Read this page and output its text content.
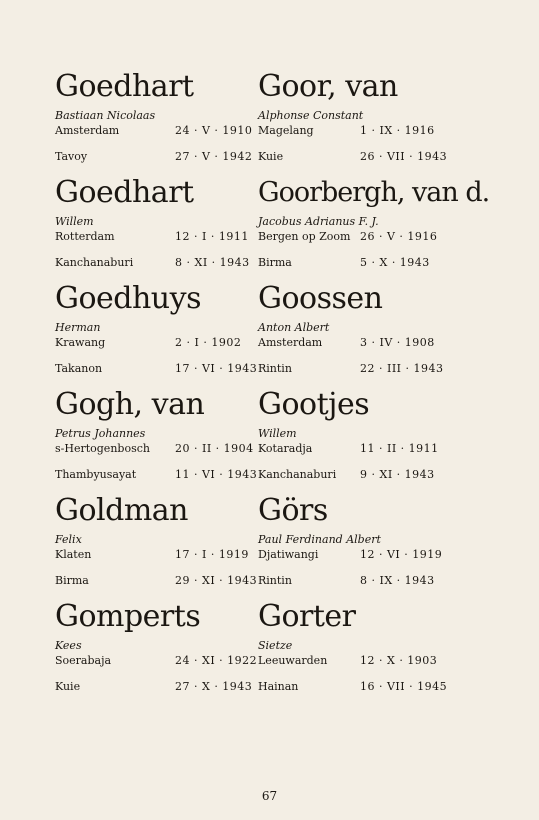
Goedhart
Bastiaan Nicolaas
Amsterdam	24 · V · 1910
Tavoy	27 · V · 1942
Goedhart
Willem
Rotterdam	12 · I · 1911
Kanchanaburi	8 · XI · 1943
Goedhuys
Herman
Krawang	2 · I · 1902
Takanon	17 · VI · 1943
Gogh, van
Petrus Johannes
s-Hertogenbosch 20 · II · 1904
Thambyusayat	11 · VI · 1943
Goldman
Felix
Klaten	17 · I · 1919
Birma	29 · XI · 1943
Gomperts
Kees
Soerabaja	24 · XI · 1922
Kuie	27 · X · 1943
Goor, van
Alphonse Constant
Magelang	1 · IX · 1916
Kuie	26 · VII · 1943
Goorbergh, van d.
Jacobus Adrianus F. J.
Bergen op Zoom 26 · V · 1916
Birma	5 · X · 1943
Goossen
Anton Albert
Amsterdam	3 · IV · 1908
Rintin	22 · III · 1943
Gootjes
Willem
Kotaradja	11 · II · 1911
Kanchanaburi 9 · XI · 1943
Görs
Paul Ferdinand Albert
Djatiwangi	12 · VI · 1919
Rintin	8 · IX · 1943
Gorter
Sietze
Leeuwarden	12 · X · 1903
Hainan	16 · VII · 1945
67
